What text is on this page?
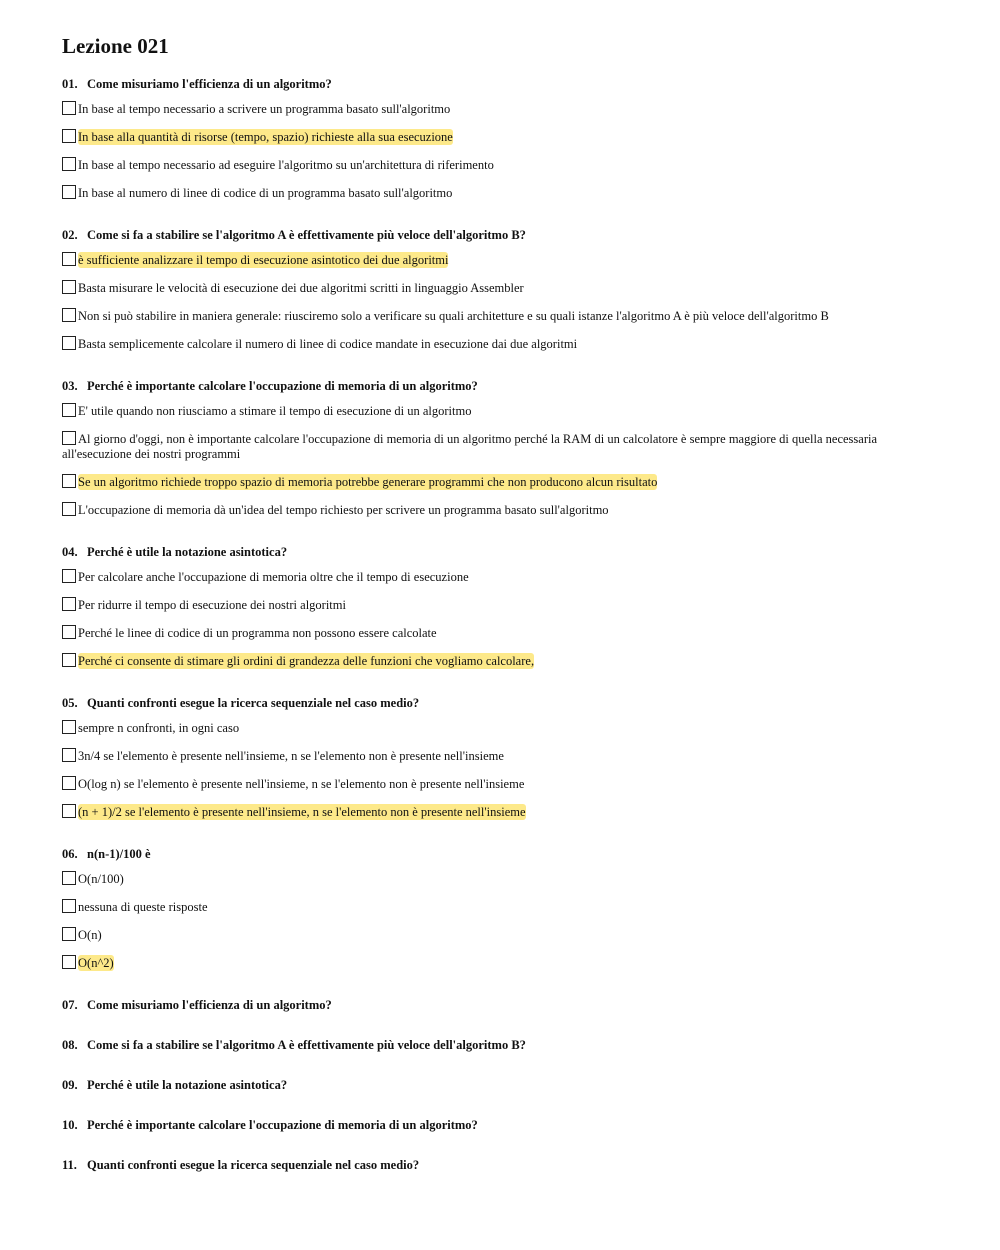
Lezione 021
01. Come misuriamo l'efficienza di un algoritmo?
In base al tempo necessario a scrivere un programma basato sull'algoritmo
In base alla quantità di risorse (tempo, spazio) richieste alla sua esecuzione
In base al tempo necessario ad eseguire l'algoritmo su un'architettura di riferimento
In base al numero di linee di codice di un programma basato sull'algoritmo
02. Come si fa a stabilire se l'algoritmo A è effettivamente più veloce dell'algoritmo B?
è sufficiente analizzare il tempo di esecuzione asintotico dei due algoritmi
Basta misurare le velocità di esecuzione dei due algoritmi scritti in linguaggio Assembler
Non si può stabilire in maniera generale: riusciremo solo a verificare su quali architetture e su quali istanze l'algoritmo A è più veloce dell'algoritmo B
Basta semplicemente calcolare il numero di linee di codice mandate in esecuzione dai due algoritmi
03. Perché è importante calcolare l'occupazione di memoria di un algoritmo?
E' utile quando non riusciamo a stimare il tempo di esecuzione di un algoritmo
Al giorno d'oggi, non è importante calcolare l'occupazione di memoria di un algoritmo perché la RAM di un calcolatore è sempre maggiore di quella necessaria all'esecuzione dei nostri programmi
Se un algoritmo richiede troppo spazio di memoria potrebbe generare programmi che non producono alcun risultato
L'occupazione di memoria dà un'idea del tempo richiesto per scrivere un programma basato sull'algoritmo
04. Perché è utile la notazione asintotica?
Per calcolare anche l'occupazione di memoria oltre che il tempo di esecuzione
Per ridurre il tempo di esecuzione dei nostri algoritmi
Perché le linee di codice di un programma non possono essere calcolate
Perché ci consente di stimare gli ordini di grandezza delle funzioni che vogliamo calcolare,
05. Quanti confronti esegue la ricerca sequenziale nel caso medio?
sempre n confronti, in ogni caso
3n/4 se l'elemento è presente nell'insieme, n se l'elemento non è presente nell'insieme
O(log n) se l'elemento è presente nell'insieme, n se l'elemento non è presente nell'insieme
(n + 1)/2 se l'elemento è presente nell'insieme, n se l'elemento non è presente nell'insieme
06. n(n-1)/100 è
O(n/100)
nessuna di queste risposte
O(n)
O(n^2)
07. Come misuriamo l'efficienza di un algoritmo?
08. Come si fa a stabilire se l'algoritmo A è effettivamente più veloce dell'algoritmo B?
09. Perché è utile la notazione asintotica?
10. Perché è importante calcolare l'occupazione di memoria di un algoritmo?
11. Quanti confronti esegue la ricerca sequenziale nel caso medio?
